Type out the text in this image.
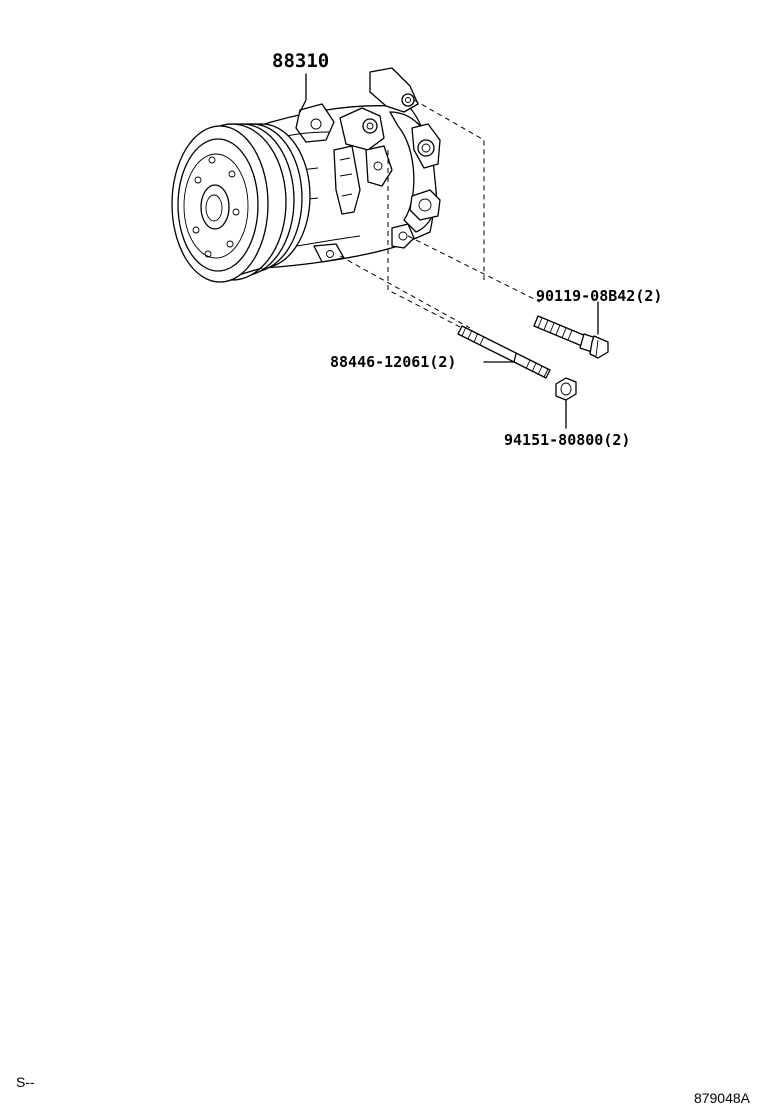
88310
90119-08B42(2)
88446-12061(2)
94151-80800(2)
S--
879048A
